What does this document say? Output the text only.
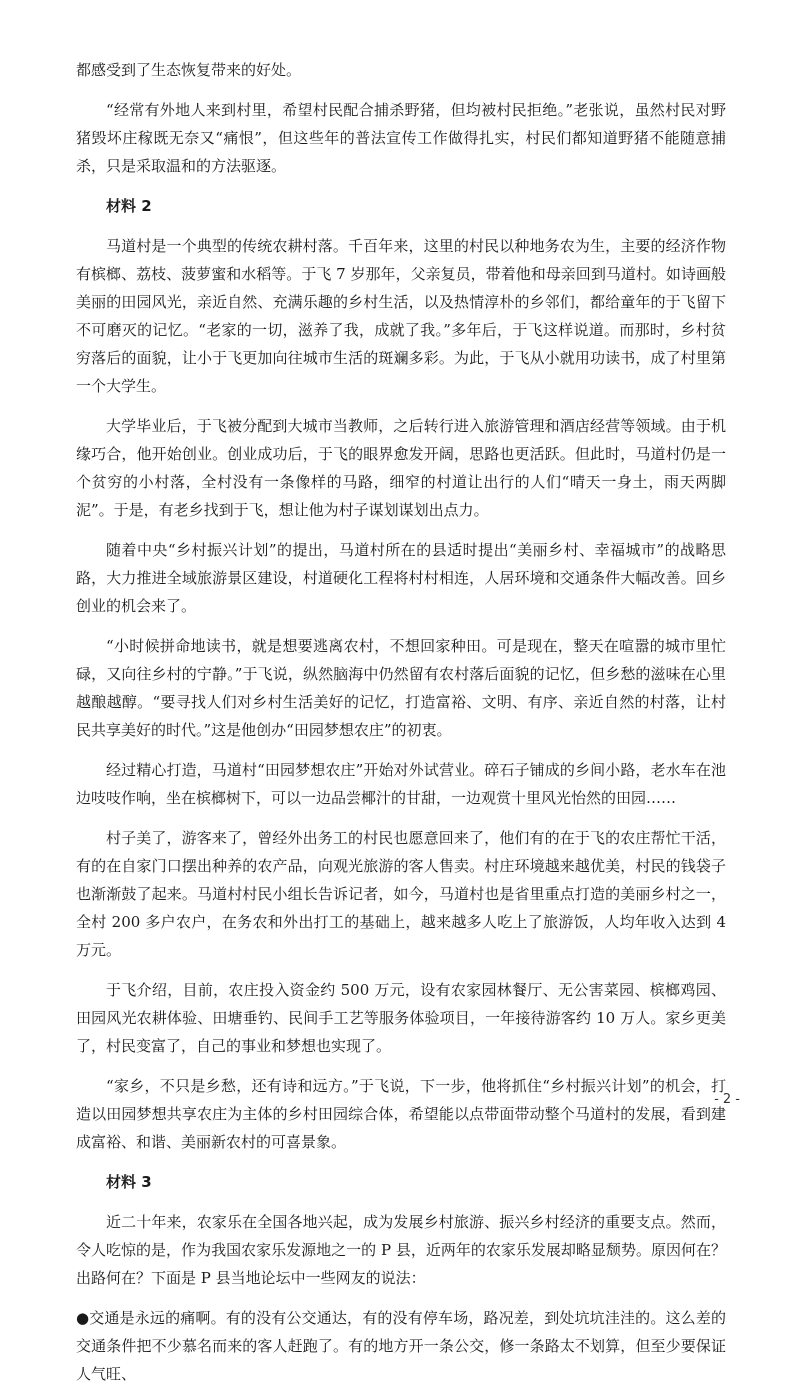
都感受到了生态恢复带来的好处。

“经常有外地人来到村里，希望村民配合捕杀野猪，但均被村民拒绝。”老张说，虽然村民对野猪毁坏庄稼既无奈又“痛恨”，但这些年的普法宣传工作做得扎实，村民们都知道野猪不能随意捕杀，只是采取温和的方法驱逐。

材料 2

马道村是一个典型的传统农耕村落。千百年来，这里的村民以种地务农为生，主要的经济作物有槟榔、荔枝、菠萝蜜和水稻等。于飞 7 岁那年，父亲复员，带着他和母亲回到马道村。如诗画般美丽的田园风光，亲近自然、充满乐趣的乡村生活，以及热情淳朴的乡邻们，都给童年的于飞留下不可磨灭的记忆。“老家的一切，滋养了我，成就了我。”多年后，于飞这样说道。而那时，乡村贫穷落后的面貌，让小于飞更加向往城市生活的斑斓多彩。为此，于飞从小就用功读书，成了村里第一个大学生。

大学毕业后，于飞被分配到大城市当教师，之后转行进入旅游管理和酒店经营等领域。由于机缘巧合，他开始创业。创业成功后，于飞的眼界愈发开阔，思路也更活跃。但此时，马道村仍是一个贫穷的小村落，全村没有一条像样的马路，细窄的村道让出行的人们“晴天一身土，雨天两脚泥”。于是，有老乡找到于飞，想让他为村子谋划谋划出点力。

随着中央“乡村振兴计划”的提出，马道村所在的县适时提出“美丽乡村、幸福城市”的战略思路，大力推进全域旅游景区建设，村道硬化工程将村村相连，人居环境和交通条件大幅改善。回乡创业的机会来了。

“小时候拼命地读书，就是想要逃离农村，不想回家种田。可是现在，整天在喧嚣的城市里忙碌，又向往乡村的宁静。”于飞说，纵然脑海中仍然留有农村落后面貌的记忆，但乡愁的滋味在心里越酿越醇。“要寻找人们对乡村生活美好的记忆，打造富裕、文明、有序、亲近自然的村落，让村民共享美好的时代。”这是他创办“田园梦想农庄”的初衷。

经过精心打造，马道村“田园梦想农庄”开始对外试营业。碎石子铺成的乡间小路，老水车在池边吱吱作响，坐在槟榔树下，可以一边品尝椰汁的甘甜，一边观赏十里风光怡然的田园……

村子美了，游客来了，曾经外出务工的村民也愿意回来了，他们有的在于飞的农庄帮忙干活，有的在自家门口摆出种养的农产品，向观光旅游的客人售卖。村庄环境越来越优美，村民的钱袋子也渐渐鼓了起来。马道村村民小组长告诉记者，如今，马道村也是省里重点打造的美丽乡村之一，全村 200 多户农户，在务农和外出打工的基础上，越来越多人吃上了旅游饭，人均年收入达到 4 万元。

于飞介绍，目前，农庄投入资金约 500 万元，设有农家园林餐厅、无公害菜园、槟榔鸡园、田园风光农耕体验、田塘垂钓、民间手工艺等服务体验项目，一年接待游客约 10 万人。家乡更美了，村民变富了，自己的事业和梦想也实现了。

“家乡，不只是乡愁，还有诗和远方。”于飞说，下一步，他将抓住“乡村振兴计划”的机会，打造以田园梦想共享农庄为主体的乡村田园综合体，希望能以点带面带动整个马道村的发展，看到建成富裕、和谐、美丽新农村的可喜景象。

材料 3

近二十年来，农家乐在全国各地兴起，成为发展乡村旅游、振兴乡村经济的重要支点。然而，令人吃惊的是，作为我国农家乐发源地之一的 P 县，近两年的农家乐发展却略显颓势。原因何在？出路何在？下面是 P 县当地论坛中一些网友的说法：

●交通是永远的痛啊。有的没有公交通达，有的没有停车场，路况差，到处坑坑洼洼的。这么差的交通条件把不少慕名而来的客人赶跑了。有的地方开一条公交，修一条路太不划算，但至少要保证人气旺、

- 2 -
